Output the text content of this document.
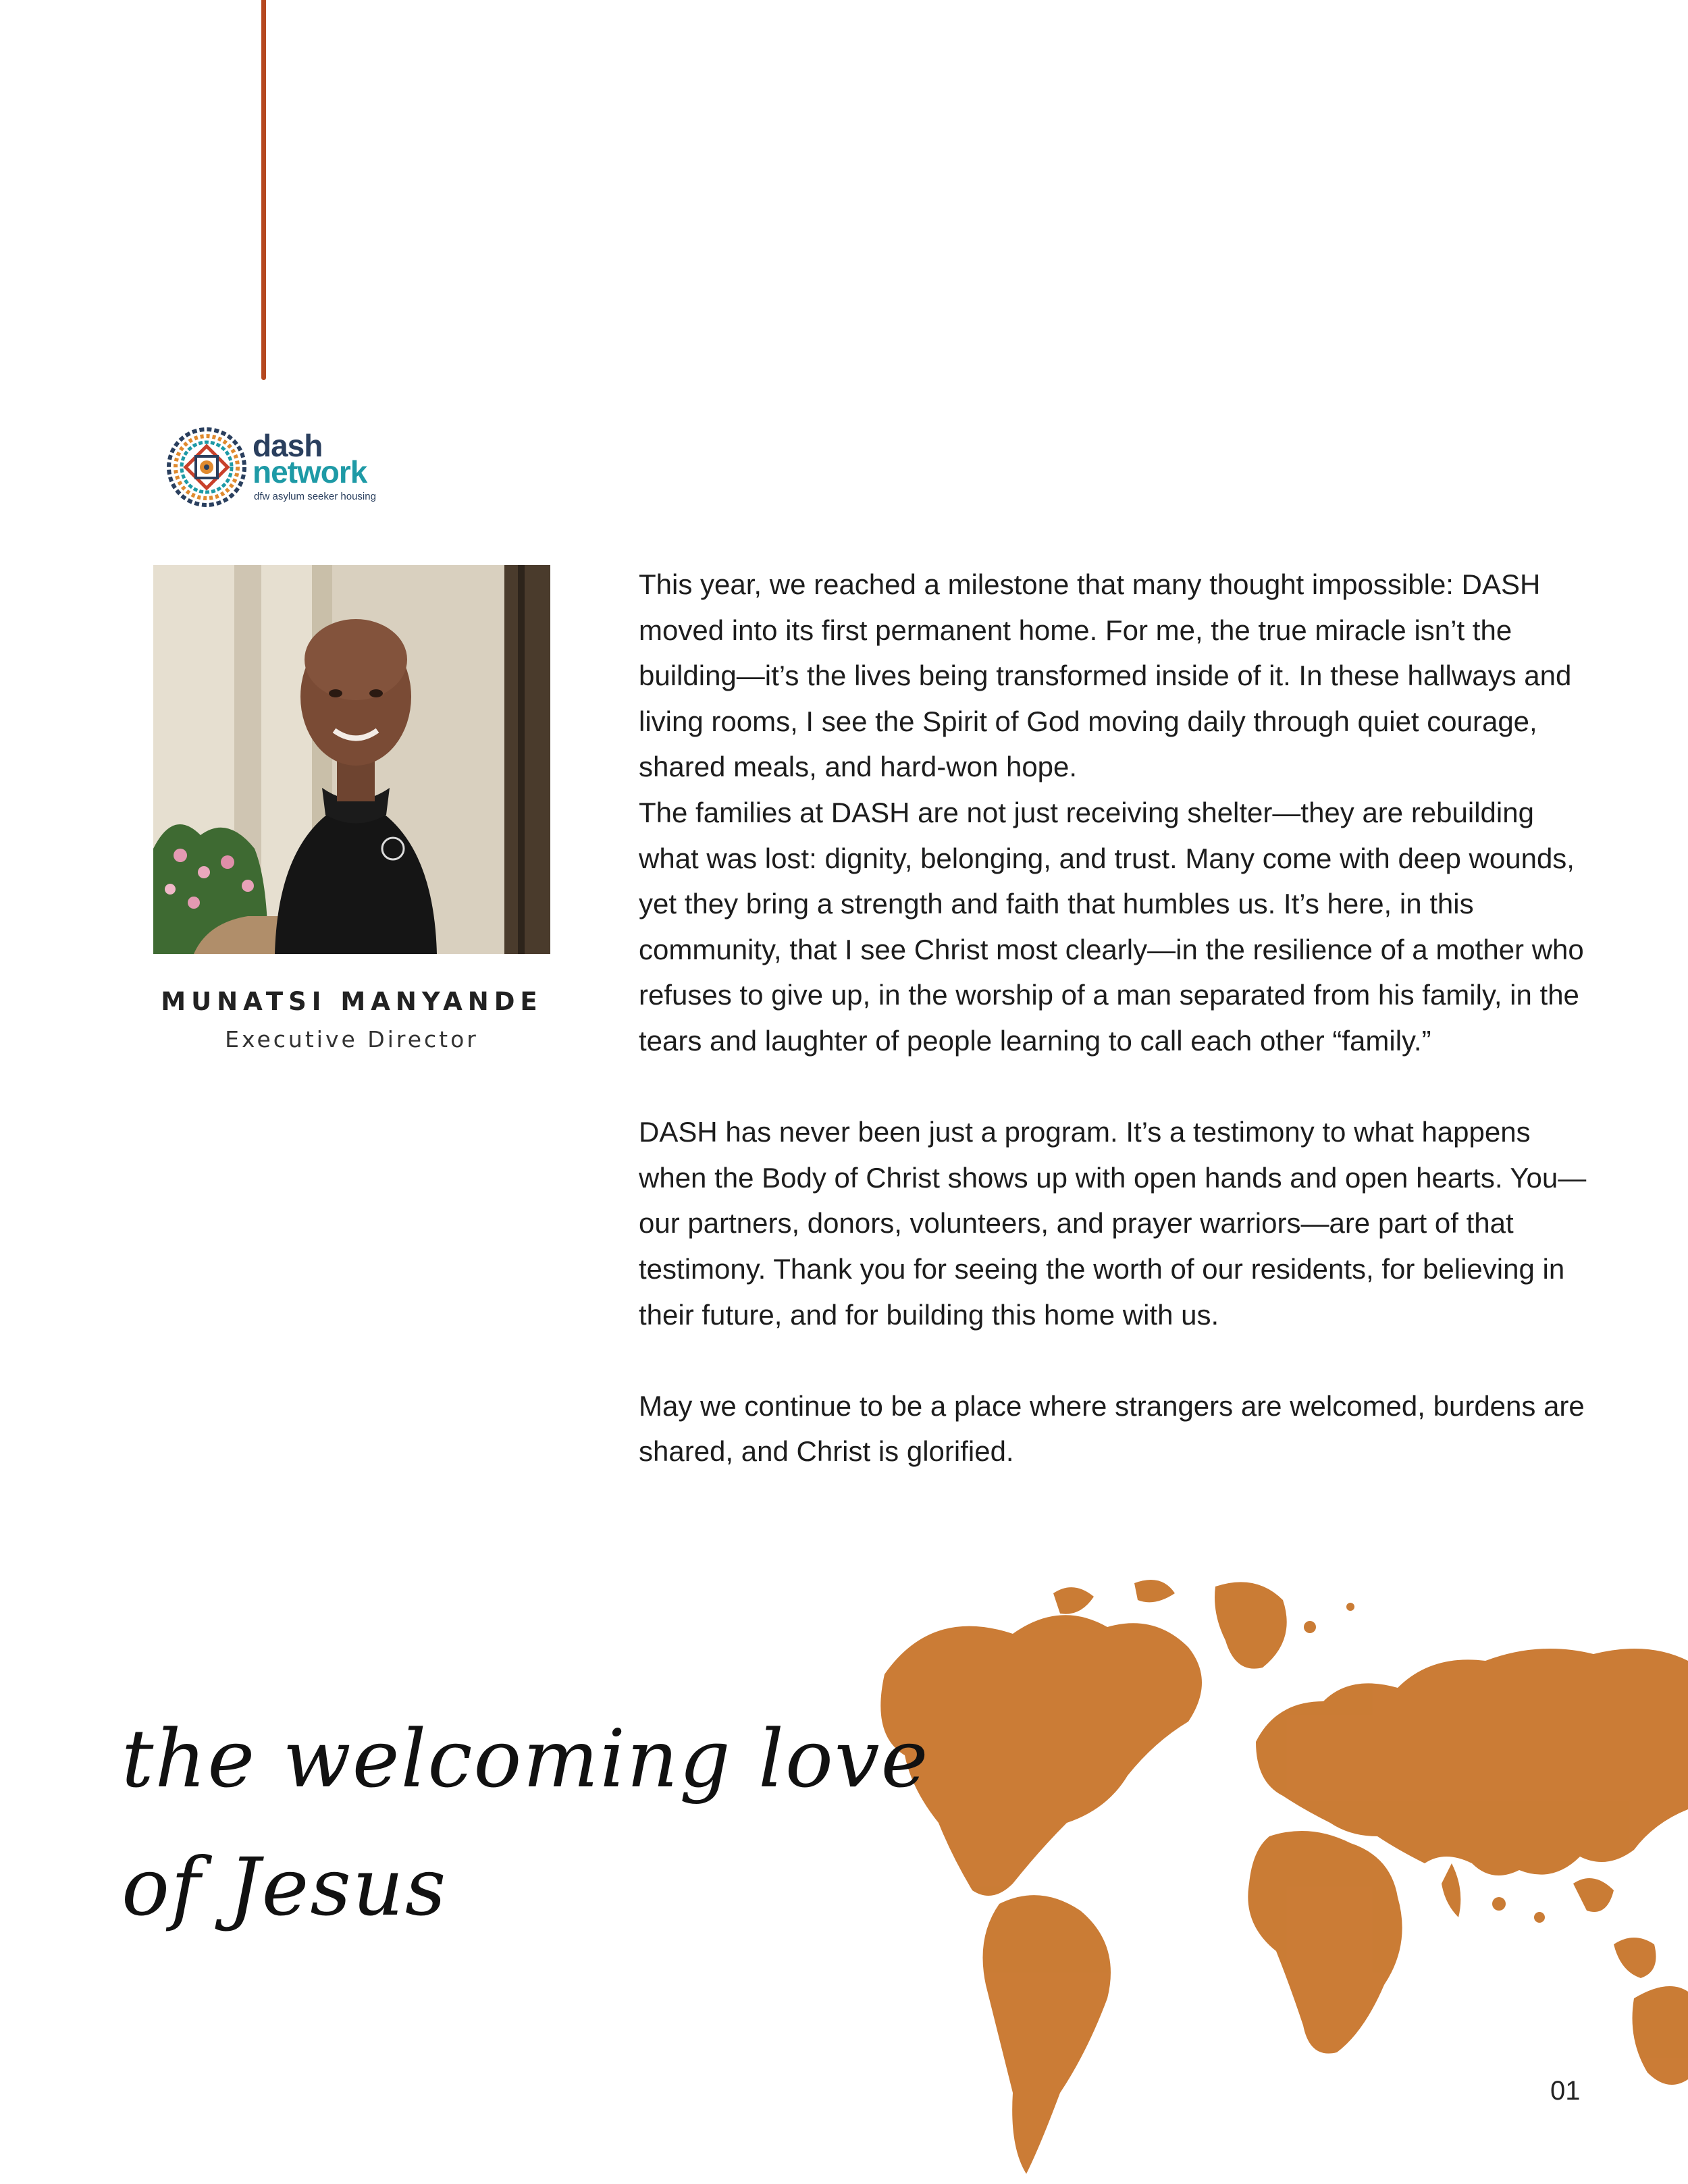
dash
network
dfw asylum seeker housing
MUNATSI MANYANDE
Executive Director

This year, we reached a milestone that many thought impossible: DASH moved into its first permanent home. For me, the true miracle isn’t the building—it’s the lives being transformed inside of it. In these hallways and living rooms, I see the Spirit of God moving daily through quiet courage, shared meals, and hard-won hope.

The families at DASH are not just receiving shelter—they are rebuilding what was lost: dignity, belonging, and trust. Many come with deep wounds, yet they bring a strength and faith that humbles us. It’s here, in this community, that I see Christ most clearly—in the resilience of a mother who refuses to give up, in the worship of a man separated from his family, in the tears and laughter of people learning to call each other “family.”

DASH has never been just a program. It’s a testimony to what happens when the Body of Christ shows up with open hands and open hearts. You—our partners, donors, volunteers, and prayer warriors—are part of that testimony. Thank you for seeing the worth of our residents, for believing in their future, and for building this home with us.

May we continue to be a place where strangers are welcomed, burdens are shared, and Christ is glorified.

the welcoming love
of Jesus
01
